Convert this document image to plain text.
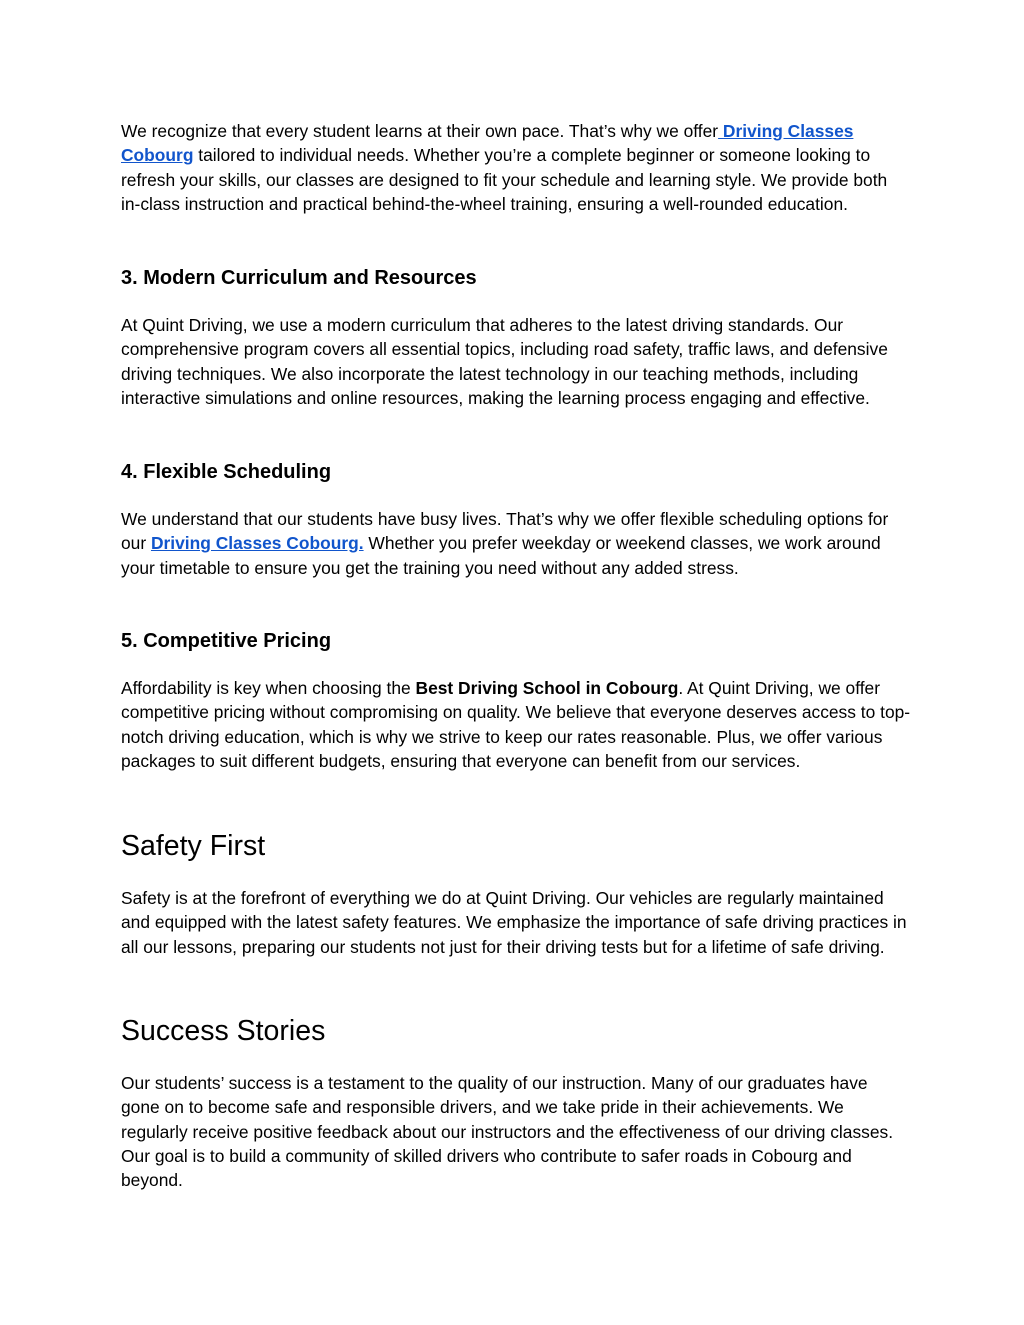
We recognize that every student learns at their own pace. That’s why we offer Driving Classes Cobourg tailored to individual needs. Whether you’re a complete beginner or someone looking to refresh your skills, our classes are designed to fit your schedule and learning style. We provide both in-class instruction and practical behind-the-wheel training, ensuring a well-rounded education.

3. Modern Curriculum and Resources

At Quint Driving, we use a modern curriculum that adheres to the latest driving standards. Our comprehensive program covers all essential topics, including road safety, traffic laws, and defensive driving techniques. We also incorporate the latest technology in our teaching methods, including interactive simulations and online resources, making the learning process engaging and effective.

4. Flexible Scheduling

We understand that our students have busy lives. That’s why we offer flexible scheduling options for our Driving Classes Cobourg. Whether you prefer weekday or weekend classes, we work around your timetable to ensure you get the training you need without any added stress.

5. Competitive Pricing

Affordability is key when choosing the Best Driving School in Cobourg. At Quint Driving, we offer competitive pricing without compromising on quality. We believe that everyone deserves access to top-notch driving education, which is why we strive to keep our rates reasonable. Plus, we offer various packages to suit different budgets, ensuring that everyone can benefit from our services.

Safety First

Safety is at the forefront of everything we do at Quint Driving. Our vehicles are regularly maintained and equipped with the latest safety features. We emphasize the importance of safe driving practices in all our lessons, preparing our students not just for their driving tests but for a lifetime of safe driving.

Success Stories

Our students’ success is a testament to the quality of our instruction. Many of our graduates have gone on to become safe and responsible drivers, and we take pride in their achievements. We regularly receive positive feedback about our instructors and the effectiveness of our driving classes. Our goal is to build a community of skilled drivers who contribute to safer roads in Cobourg and beyond.
